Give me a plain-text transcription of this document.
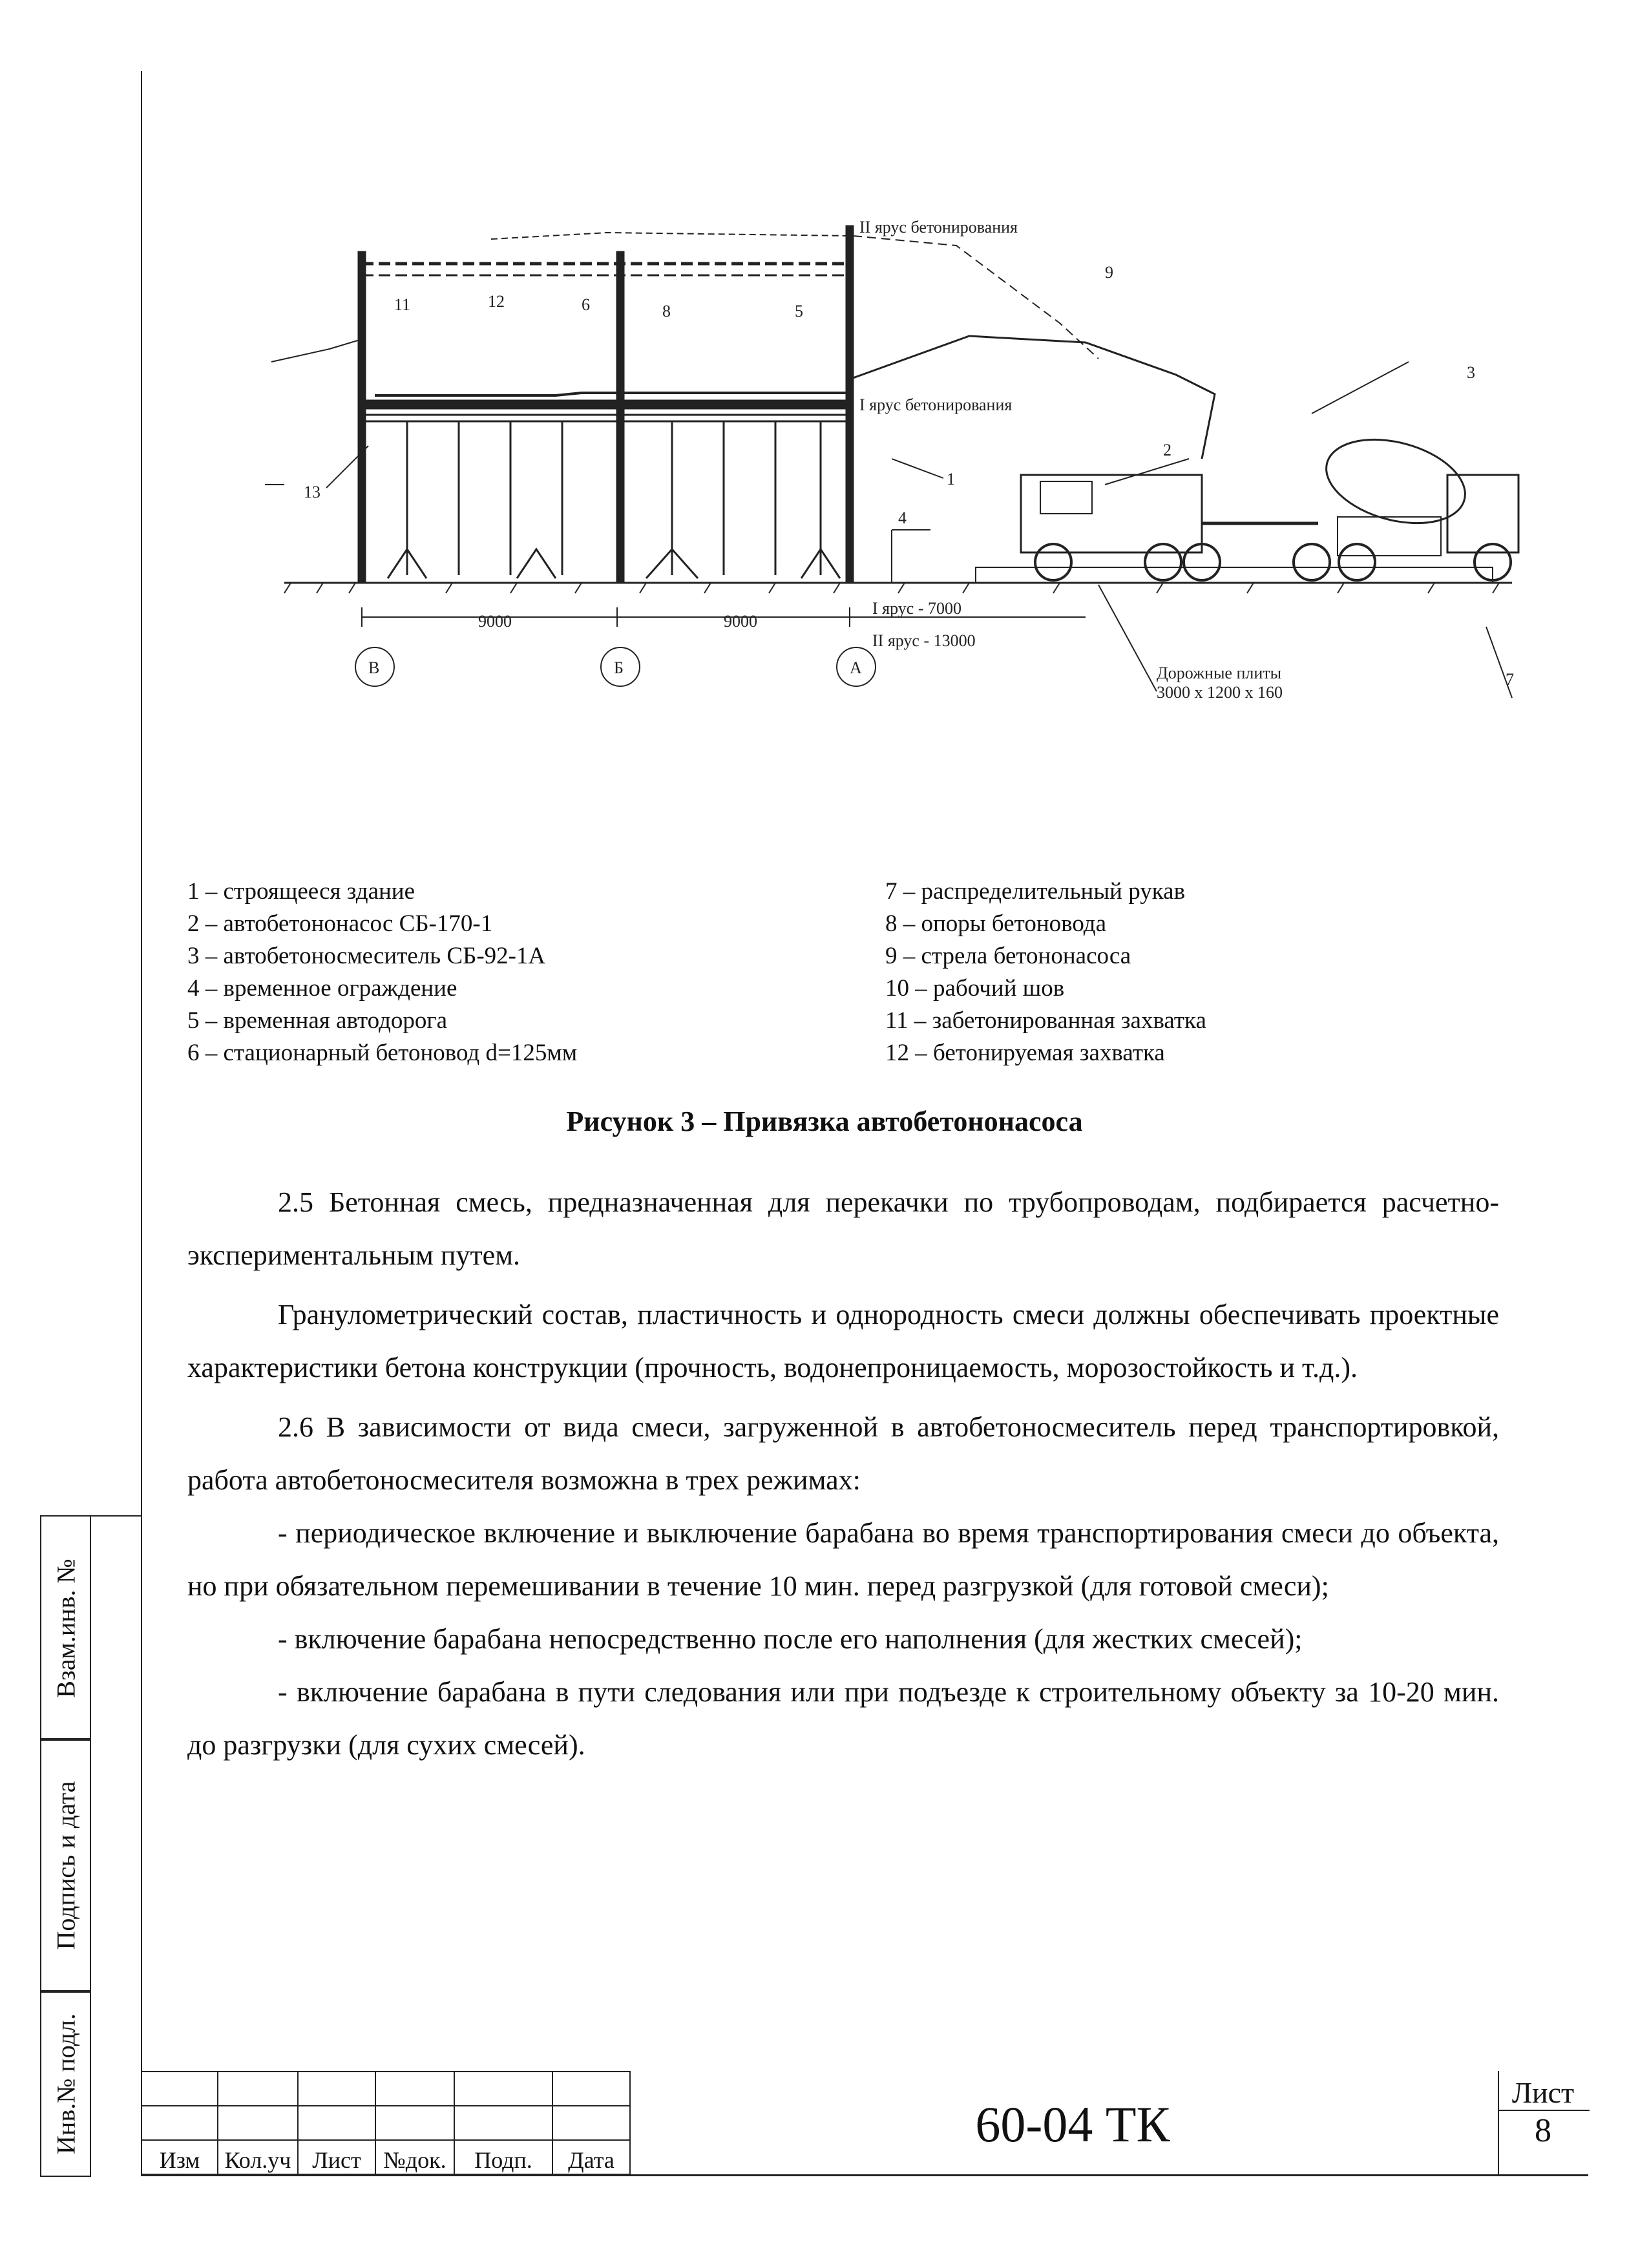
II ярус бетонирования
I ярус бетонирования
11	12	6	8	5
9
3
2
1
4
13
7
9000	9000
I ярус - 7000
II ярус - 13000
В	Б	А	Дорожные плиты
3000 x 1200 x 160
1 – строящееся здание
2 – автобетононасос СБ-170-1
3 – автобетоносмеситель СБ-92-1А
4 – временное ограждение
5 – временная автодорога
6 – стационарный бетоновод d=125мм
7 – распределительный рукав
8 – опоры бетоновода
9 – стрела бетононасоса
10 – рабочий шов
11 – забетонированная захватка
12 – бетонируемая захватка
Рисунок 3 – Привязка автобетононасоса

2.5 Бетонная смесь, предназначенная для перекачки по трубопроводам, подбирается расчетно-экспериментальным путем.

Гранулометрический состав, пластичность и однородность смеси должны обеспечивать проектные характеристики бетона конструкции (прочность, водонепроницаемость, морозостойкость и т.д.).

2.6 В зависимости от вида смеси, загруженной в автобетоносмеситель перед транспортировкой, работа автобетоносмесителя возможна в трех режимах:

- периодическое включение и выключение барабана во время транспортирования смеси до объекта, но при обязательном перемешивании в течение 10 мин. перед разгрузкой (для готовой смеси);

- включение барабана непосредственно после его наполнения (для жестких смесей);

- включение барабана в пути следования или при подъезде к строительному объекту за 10-20 мин. до разгрузки (для сухих смесей).

Взам.инв. №
Подпись и дата
Инв.№ подл.

Изм	Кол.уч	Лист	№док.	Подп.	Дата
60-04 ТК
Лист
8
